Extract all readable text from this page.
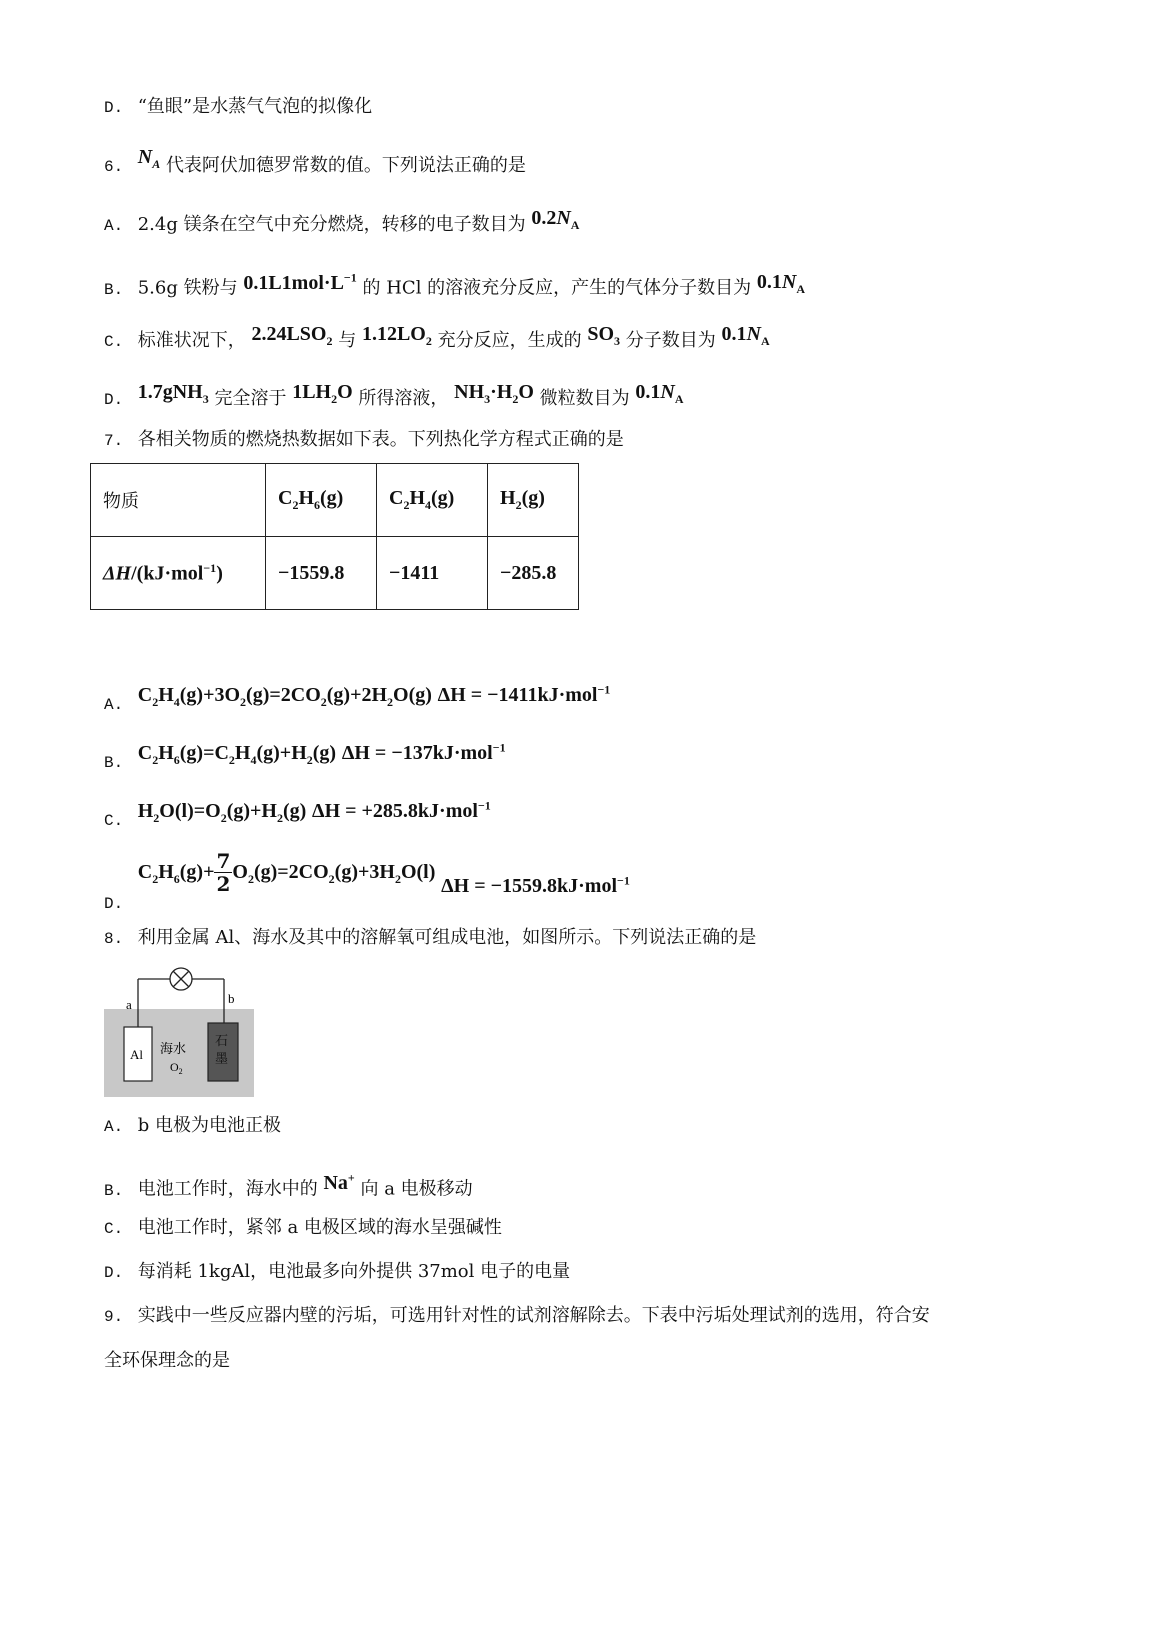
D. “鱼眼”是水蒸气气泡的拟像化
6. $N_A$ 代表阿伏加德罗常数的值。下列说法正确的是
A. 2.4g 镁条在空气中充分燃烧，转移的电子数目为 $0.2N_A$
B. 5.6g 铁粉与 $0.1L1mol\cdot L^{-1}$ 的 HCl 的溶液充分反应，产生的气体分子数目为 $0.1N_A$
C. 标准状况下， $2.24LSO_2$ 与 $1.12LO_2$ 充分反应，生成的 $SO_3$ 分子数目为 $0.1N_A$
D. 1.7gNH$_3$ 完全溶于 $1LH_2O$ 所得溶液， $NH_3\cdot H_2O$ 微粒数目为 $0.1N_A$
7. 各相关物质的燃烧热数据如下表。下列热化学方程式正确的是
物质	$C_2H_6(g)$	$C_2H_4(g)$	$H_2(g)$
ΔH/(kJ·mol$^{-1}$)	−1559.8	−1411	−285.8
A. $C_2H_4(g)+3O_2(g)=2CO_2(g)+2H_2O(g) \Delta H = -1411kJ\cdot mol^{-1}$
B. $C_2H_6(g)=C_2H_4(g)+H_2(g) \Delta H = -137kJ\cdot mol^{-1}$
C. $H_2O(l)=O_2(g)+H_2(g) \Delta H = +285.8kJ\cdot mol^{-1}$
D. $C_2H_6(g)+ \frac{7}{2} O_2(g)=2CO_2(g)+3H_2O(l) \Delta H = -1559.8kJ\cdot mol^{-1}$
8. 利用金属 Al、海水及其中的溶解氧可组成电池，如图所示。下列说法正确的是
a	b
Al
石
墨
海水
$O_2$
A. b 电极为电池正极
B. 电池工作时，海水中的 Na+ 向 a 电极移动
C. 电池工作时，紧邻 a 电极区域的海水呈强碱性
D. 每消耗 1kgAl，电池最多向外提供 37mol 电子的电量
9. 实践中一些反应器内壁的污垢，可选用针对性的试剂溶解除去。下表中污垢处理试剂的选用，符合安
全环保理念的是
